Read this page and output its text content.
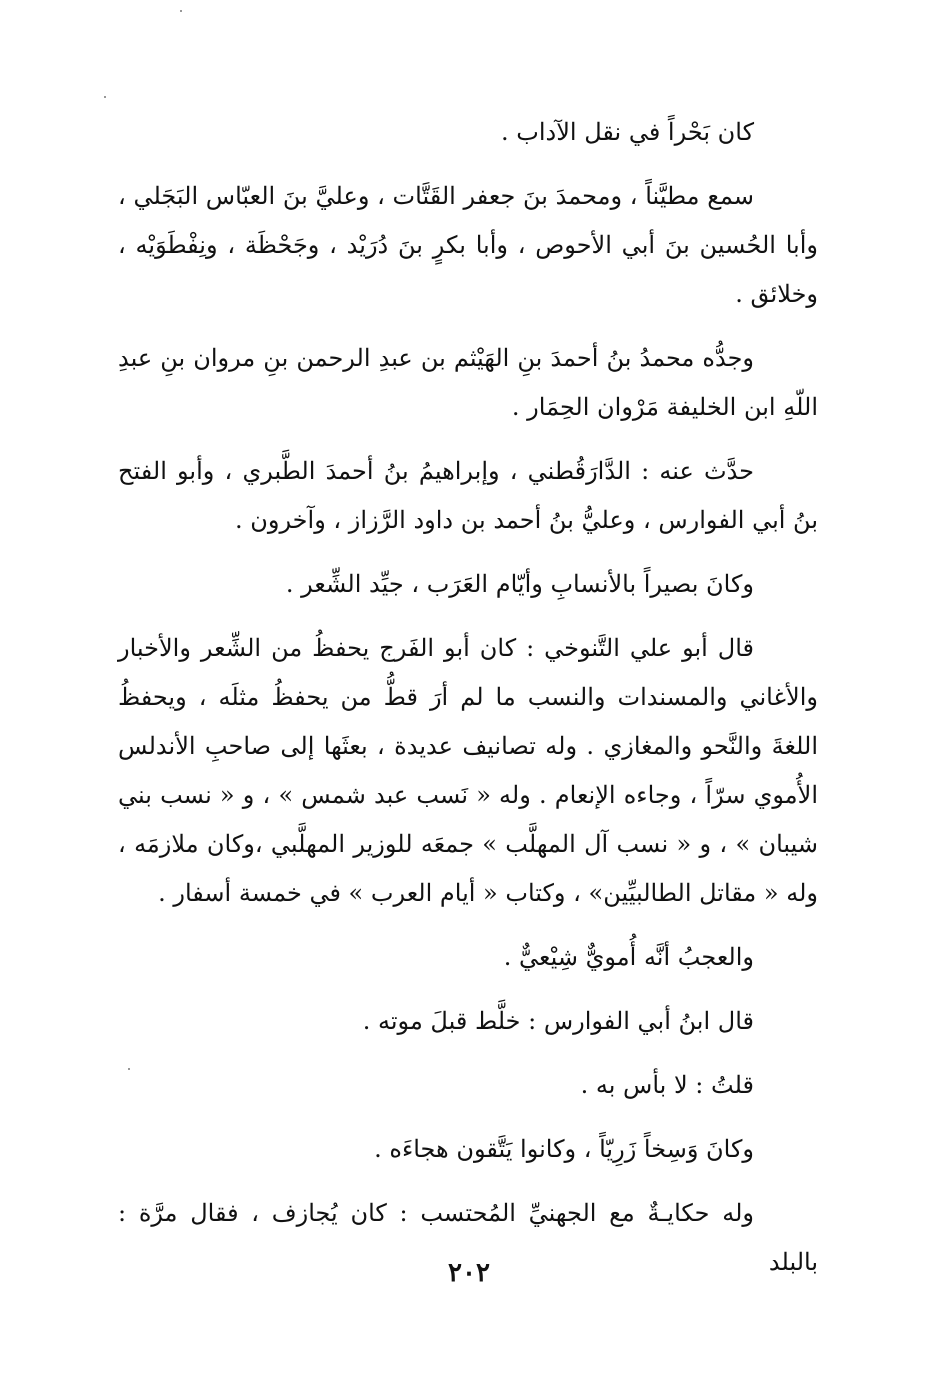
كان بَحْراً في نقل الآداب .

سمع مطيَّناً ، ومحمدَ بنَ جعفر القَتَّات ، وعليَّ بنَ العبّاس البَجَلي ، وأبا الحُسين بنَ أبي الأحوص ، وأبا بكرٍ بنَ دُرَيْد ، وجَحْظَة ، ونِفْطَوَيْه ، وخلائق .

وجدُّه محمدُ بنُ أحمدَ بنِ الهَيْثم بن عبدِ الرحمن بنِ مروان بنِ عبدِ اللّهِ ابن الخليفة مَرْوان الحِمَار .

حدَّث عنه : الدَّارَقُطني ، وإبراهيمُ بنُ أحمدَ الطَّبري ، وأبو الفتح بنُ أبي الفوارس ، وعليُّ بنُ أحمد بن داود الرَّزاز ، وآخرون .

وكانَ بصيراً بالأنسابِ وأيّام العَرَب ، جيِّد الشِّعر .

قال أبو علي التَّنوخي : كان أبو الفَرج يحفظُ من الشِّعر والأخبار والأغاني والمسندات والنسب ما لم أرَ قطُّ من يحفظُ مثلَه ، ويحفظُ اللغةَ والنَّحو والمغازي . وله تصانيف عديدة ، بعثَها إلى صاحبِ الأندلس الأُموي سرّاً ، وجاءه الإنعام . وله « نَسب عبد شمس » ، و « نسب بني شيبان » ، و « نسب آل المهلَّب » جمعَه للوزير المهلَّبي ،وكان ملازمَه ، وله « مقاتل الطالبيِّين» ، وكتاب « أيام العرب » في خمسة أسفار .

والعجبُ أنَّه أُمويٌّ شِيْعيٌّ .

قال ابنُ أبي الفوارس : خلَّط قبلَ موته .

قلتُ : لا بأس به .

وكانَ وَسِخاً زَرِيّاً ، وكانوا يَتَّقون هجاءَه .

وله حكايـةٌ مع الجهنيِّ المُحتسب : كان يُجازف ، فقال مرَّة : بالبلد

٢٠٢
